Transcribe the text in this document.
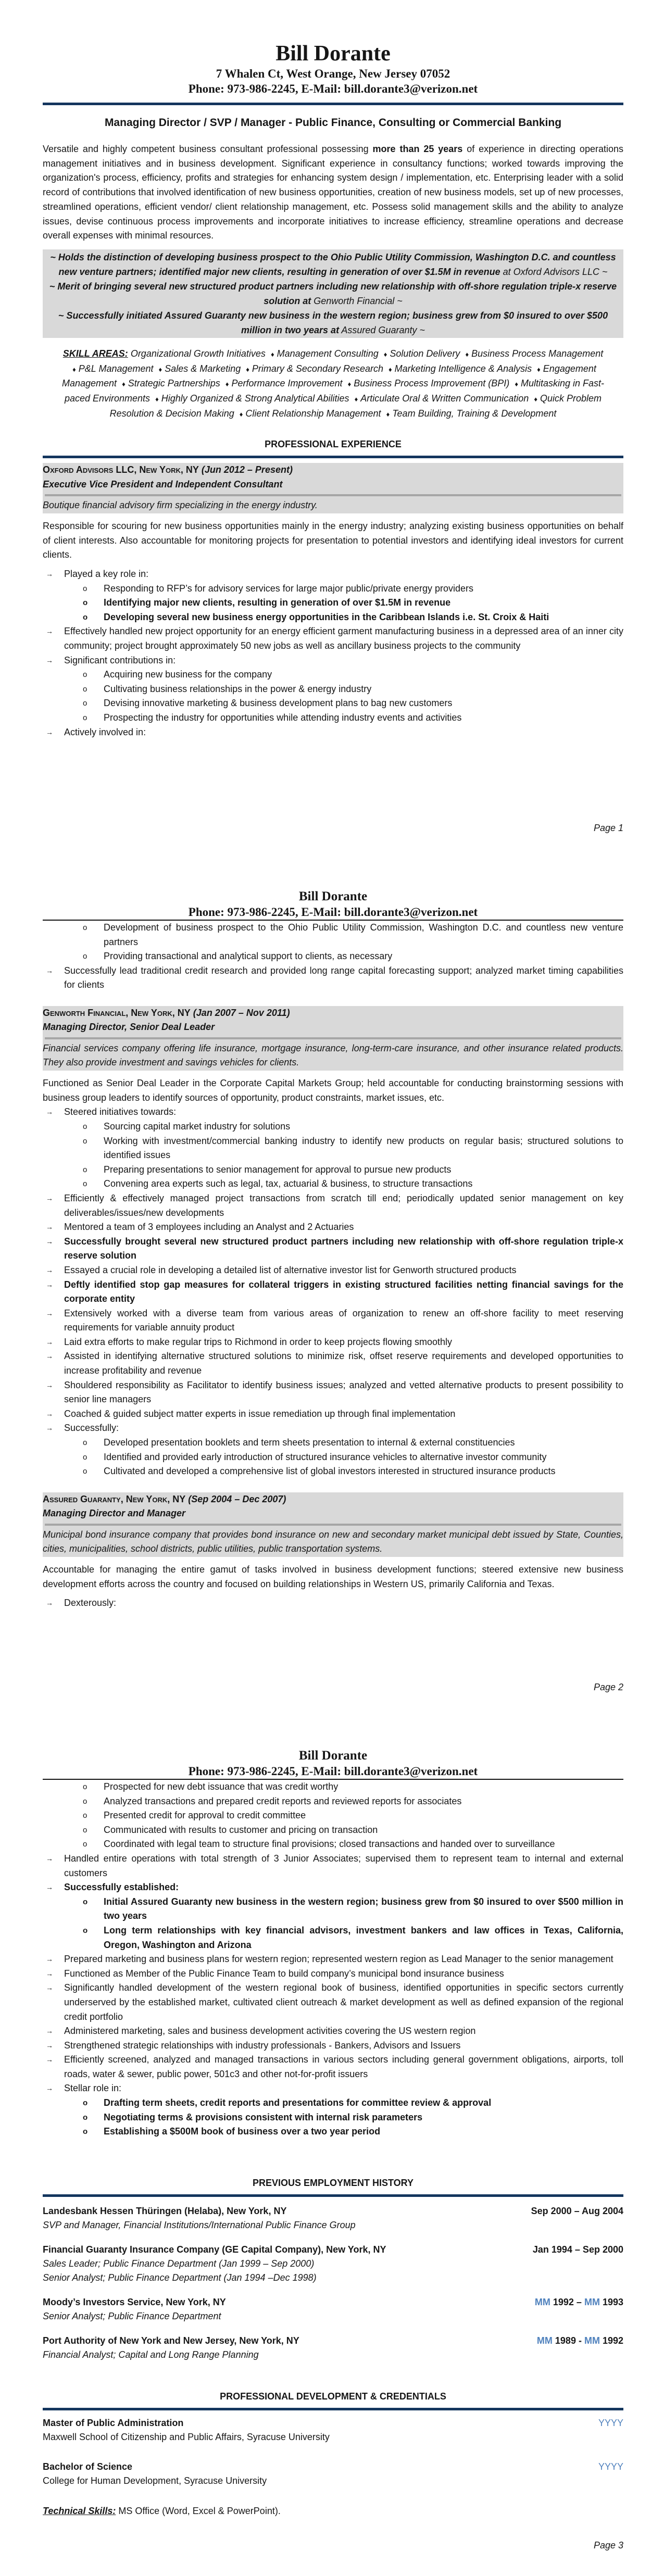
Bill Dorante
7 Whalen Ct, West Orange, New Jersey 07052
Phone: 973-986-2245, E-Mail: bill.dorante3@verizon.net
Managing Director / SVP / Manager - Public Finance, Consulting or Commercial Banking

Versatile and highly competent business consultant professional possessing more than 25 years of experience in directing operations management initiatives and in business development. Significant experience in consultancy functions; worked towards improving the organization's process, efficiency, profits and strategies for enhancing system design / implementation, etc. Enterprising leader with a solid record of contributions that involved identification of new business opportunities, creation of new business models, set up of new processes, streamlined operations, efficient vendor/ client relationship management, etc. Possess solid management skills and the ability to analyze issues, devise continuous process improvements and incorporate initiatives to increase efficiency, streamline operations and decrease overall expenses with minimal resources.

~ Holds the distinction of developing business prospect to the Ohio Public Utility Commission, Washington D.C. and countless new venture partners; identified major new clients, resulting in generation of over $1.5M in revenue at Oxford Advisors LLC ~

~ Merit of bringing several new structured product partners including new relationship with off-shore regulation triple-x reserve solution at Genworth Financial ~

~ Successfully initiated Assured Guaranty new business in the western region; business grew from $0 insured to over $500 million in two years at Assured Guaranty ~

SKILL AREAS: Organizational Growth Initiatives ♦ Management Consulting ♦ Solution Delivery ♦ Business Process Management ♦ P&L Management ♦ Sales & Marketing ♦ Primary & Secondary Research ♦ Marketing Intelligence & Analysis ♦ Engagement Management ♦ Strategic Partnerships ♦ Performance Improvement ♦ Business Process Improvement (BPI) ♦ Multitasking in Fast-paced Environments ♦ Highly Organized & Strong Analytical Abilities ♦ Articulate Oral & Written Communication ♦ Quick Problem Resolution & Decision Making ♦ Client Relationship Management ♦ Team Building, Training & Development

PROFESSIONAL EXPERIENCE
Oxford Advisors LLC, New York, NY (Jun 2012 – Present)
Executive Vice President and Independent Consultant
Boutique financial advisory firm specializing in the energy industry.

Responsible for scouring for new business opportunities mainly in the energy industry; analyzing existing business opportunities on behalf of client interests. Also accountable for monitoring projects for presentation to potential investors and identifying ideal investors for current clients.

→ Played a key role in:
o Responding to RFP’s for advisory services for large major public/private energy providers
o Identifying major new clients, resulting in generation of over $1.5M in revenue
o Developing several new business energy opportunities in the Caribbean Islands i.e. St. Croix & Haiti
→ Effectively handled new project opportunity for an energy efficient garment manufacturing business in a depressed area of an inner city community; project brought approximately 50 new jobs as well as ancillary business projects to the community
→ Significant contributions in:
o Acquiring new business for the company
o Cultivating business relationships in the power & energy industry
o Devising innovative marketing & business development plans to bag new customers
o Prospecting the industry for opportunities while attending industry events and activities
→ Actively involved in:
Page 1
Bill Dorante
Phone: 973-986-2245, E-Mail: bill.dorante3@verizon.net
o Development of business prospect to the Ohio Public Utility Commission, Washington D.C. and countless new venture partners
o Providing transactional and analytical support to clients, as necessary
→ Successfully lead traditional credit research and provided long range capital forecasting support; analyzed market timing capabilities for clients
Genworth Financial, New York, NY (Jan 2007 – Nov 2011)
Managing Director, Senior Deal Leader
Financial services company offering life insurance, mortgage insurance, long-term-care insurance, and other insurance related products. They also provide investment and savings vehicles for clients.

Functioned as Senior Deal Leader in the Corporate Capital Markets Group; held accountable for conducting brainstorming sessions with business group leaders to identify sources of opportunity, product constraints, market issues, etc.

→ Steered initiatives towards:
o Sourcing capital market industry for solutions
o Working with investment/commercial banking industry to identify new products on regular basis; structured solutions to identified issues
o Preparing presentations to senior management for approval to pursue new products
o Convening area experts such as legal, tax, actuarial & business, to structure transactions
→ Efficiently & effectively managed project transactions from scratch till end; periodically updated senior management on key deliverables/issues/new developments
→ Mentored a team of 3 employees including an Analyst and 2 Actuaries
→ Successfully brought several new structured product partners including new relationship with off-shore regulation triple-x reserve solution
→ Essayed a crucial role in developing a detailed list of alternative investor list for Genworth structured products
→ Deftly identified stop gap measures for collateral triggers in existing structured facilities netting financial savings for the corporate entity
→ Extensively worked with a diverse team from various areas of organization to renew an off-shore facility to meet reserving requirements for variable annuity product
→ Laid extra efforts to make regular trips to Richmond in order to keep projects flowing smoothly
→ Assisted in identifying alternative structured solutions to minimize risk, offset reserve requirements and developed opportunities to increase profitability and revenue
→ Shouldered responsibility as Facilitator to identify business issues; analyzed and vetted alternative products to present possibility to senior line managers
→ Coached & guided subject matter experts in issue remediation up through final implementation
→ Successfully:
o Developed presentation booklets and term sheets presentation to internal & external constituencies
o Identified and provided early introduction of structured insurance vehicles to alternative investor community
o Cultivated and developed a comprehensive list of global investors interested in structured insurance products
Assured Guaranty, New York, NY (Sep 2004 – Dec 2007)
Managing Director and Manager
Municipal bond insurance company that provides bond insurance on new and secondary market municipal debt issued by State, Counties, cities, municipalities, school districts, public utilities, public transportation systems.

Accountable for managing the entire gamut of tasks involved in business development functions; steered extensive new business development efforts across the country and focused on building relationships in Western US, primarily California and Texas.

→ Dexterously:
Page 2
Bill Dorante
Phone: 973-986-2245, E-Mail: bill.dorante3@verizon.net
o Prospected for new debt issuance that was credit worthy
o Analyzed transactions and prepared credit reports and reviewed reports for associates
o Presented credit for approval to credit committee
o Communicated with results to customer and pricing on transaction
o Coordinated with legal team to structure final provisions; closed transactions and handed over to surveillance
→ Handled entire operations with total strength of 3 Junior Associates; supervised them to represent team to internal and external customers
→ Successfully established:
o Initial Assured Guaranty new business in the western region; business grew from $0 insured to over $500 million in two years
o Long term relationships with key financial advisors, investment bankers and law offices in Texas, California, Oregon, Washington and Arizona
→ Prepared marketing and business plans for western region; represented western region as Lead Manager to the senior management
→ Functioned as Member of the Public Finance Team to build company’s municipal bond insurance business
→ Significantly handled development of the western regional book of business, identified opportunities in specific sectors currently underserved by the established market, cultivated client outreach & market development as well as defined expansion of the regional credit portfolio
→ Administered marketing, sales and business development activities covering the US western region
→ Strengthened strategic relationships with industry professionals - Bankers, Advisors and Issuers
→ Efficiently screened, analyzed and managed transactions in various sectors including general government obligations, airports, toll roads, water & sewer, public power, 501c3 and other not-for-profit issuers
→ Stellar role in:
o Drafting term sheets, credit reports and presentations for committee review & approval
o Negotiating terms & provisions consistent with internal risk parameters
o Establishing a $500M book of business over a two year period
PREVIOUS EMPLOYMENT HISTORY
Landesbank Hessen Thüringen (Helaba), New York, NY	Sep 2000 – Aug 2004
SVP and Manager, Financial Institutions/International Public Finance Group
Financial Guaranty Insurance Company (GE Capital Company), New York, NY	Jan 1994 – Sep 2000
Sales Leader; Public Finance Department (Jan 1999 – Sep 2000)
Senior Analyst; Public Finance Department (Jan 1994 –Dec 1998)
Moody’s Investors Service, New York, NY	MM 1992 – MM 1993
Senior Analyst; Public Finance Department
Port Authority of New York and New Jersey, New York, NY	MM 1989 - MM 1992
Financial Analyst; Capital and Long Range Planning
PROFESSIONAL DEVELOPMENT & CREDENTIALS
Master of Public Administration	YYYY
Maxwell School of Citizenship and Public Affairs, Syracuse University
Bachelor of Science	YYYY
College for Human Development, Syracuse University
Technical Skills: MS Office (Word, Excel & PowerPoint).
Page 3
